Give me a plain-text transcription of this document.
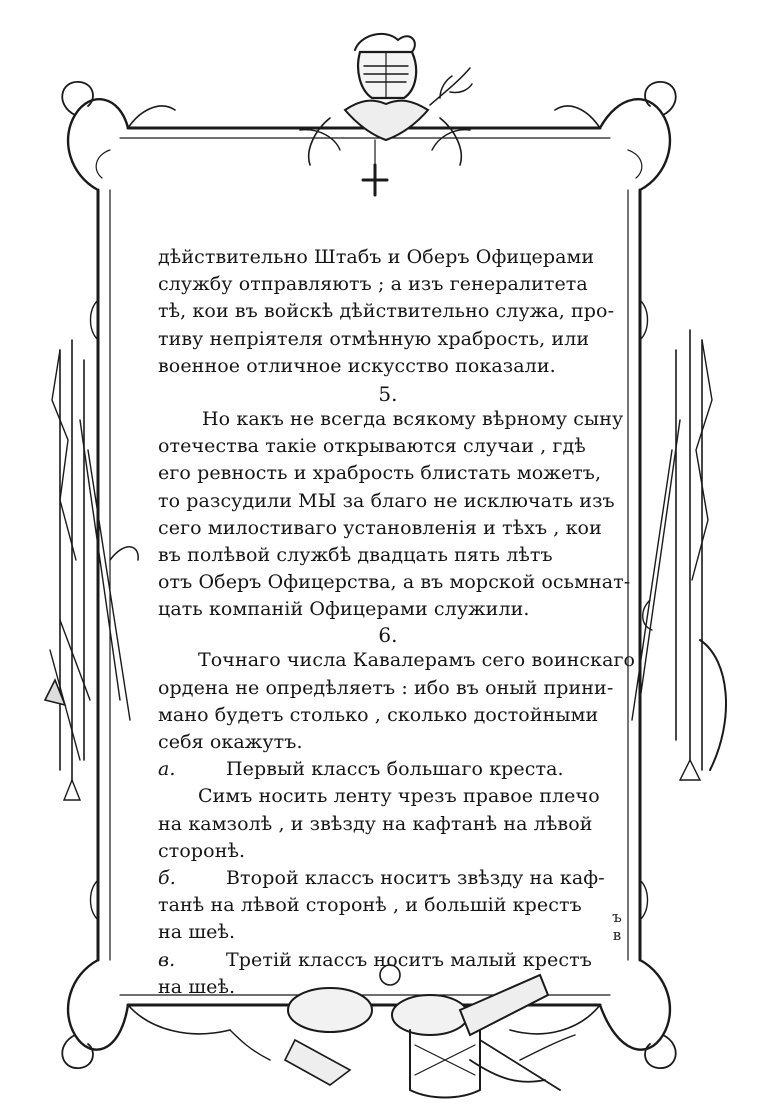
дѣйствительно Штабъ и Оберъ Офицерами
службу отправляютъ ; а изъ генералитета
тѣ, кои въ войскѣ дѣйствительно служа, про-
тиву непріятеля отмѣнную храбрость, или
военное отличное искусство показали.
5.
Но какъ не всегда всякому вѣрному сыну
отечества такіе открываются случаи , гдѣ
его ревность и храбрость блистать можетъ,
то разсудили МЫ за благо не исключать изъ
сего милостиваго установленія и тѣхъ , кои
въ полѣвой службѣ двадцать пять лѣтъ
отъ Оберъ Офицерства, а въ морской осьмнат-
цать компаній Офицерами служили.
6.
Точнаго числа Кавалерамъ сего воинскаго
ордена не опредѣляетъ : ибо въ оный прини-
мано будетъ столько , сколько достойными
себя окажутъ.
а.	Первый классъ большаго креста.
Симъ носить ленту чрезъ правое плечо
на камзолѣ , и звѣзду на кафтанѣ на лѣвой
сторонѣ.
б.	Второй классъ носитъ звѣзду на каф-
танѣ на лѣвой сторонѣ , и большій крестъ
на шеѣ.
в.	Третій классъ носитъ малый крестъ
на шеѣ.
ъ
в
